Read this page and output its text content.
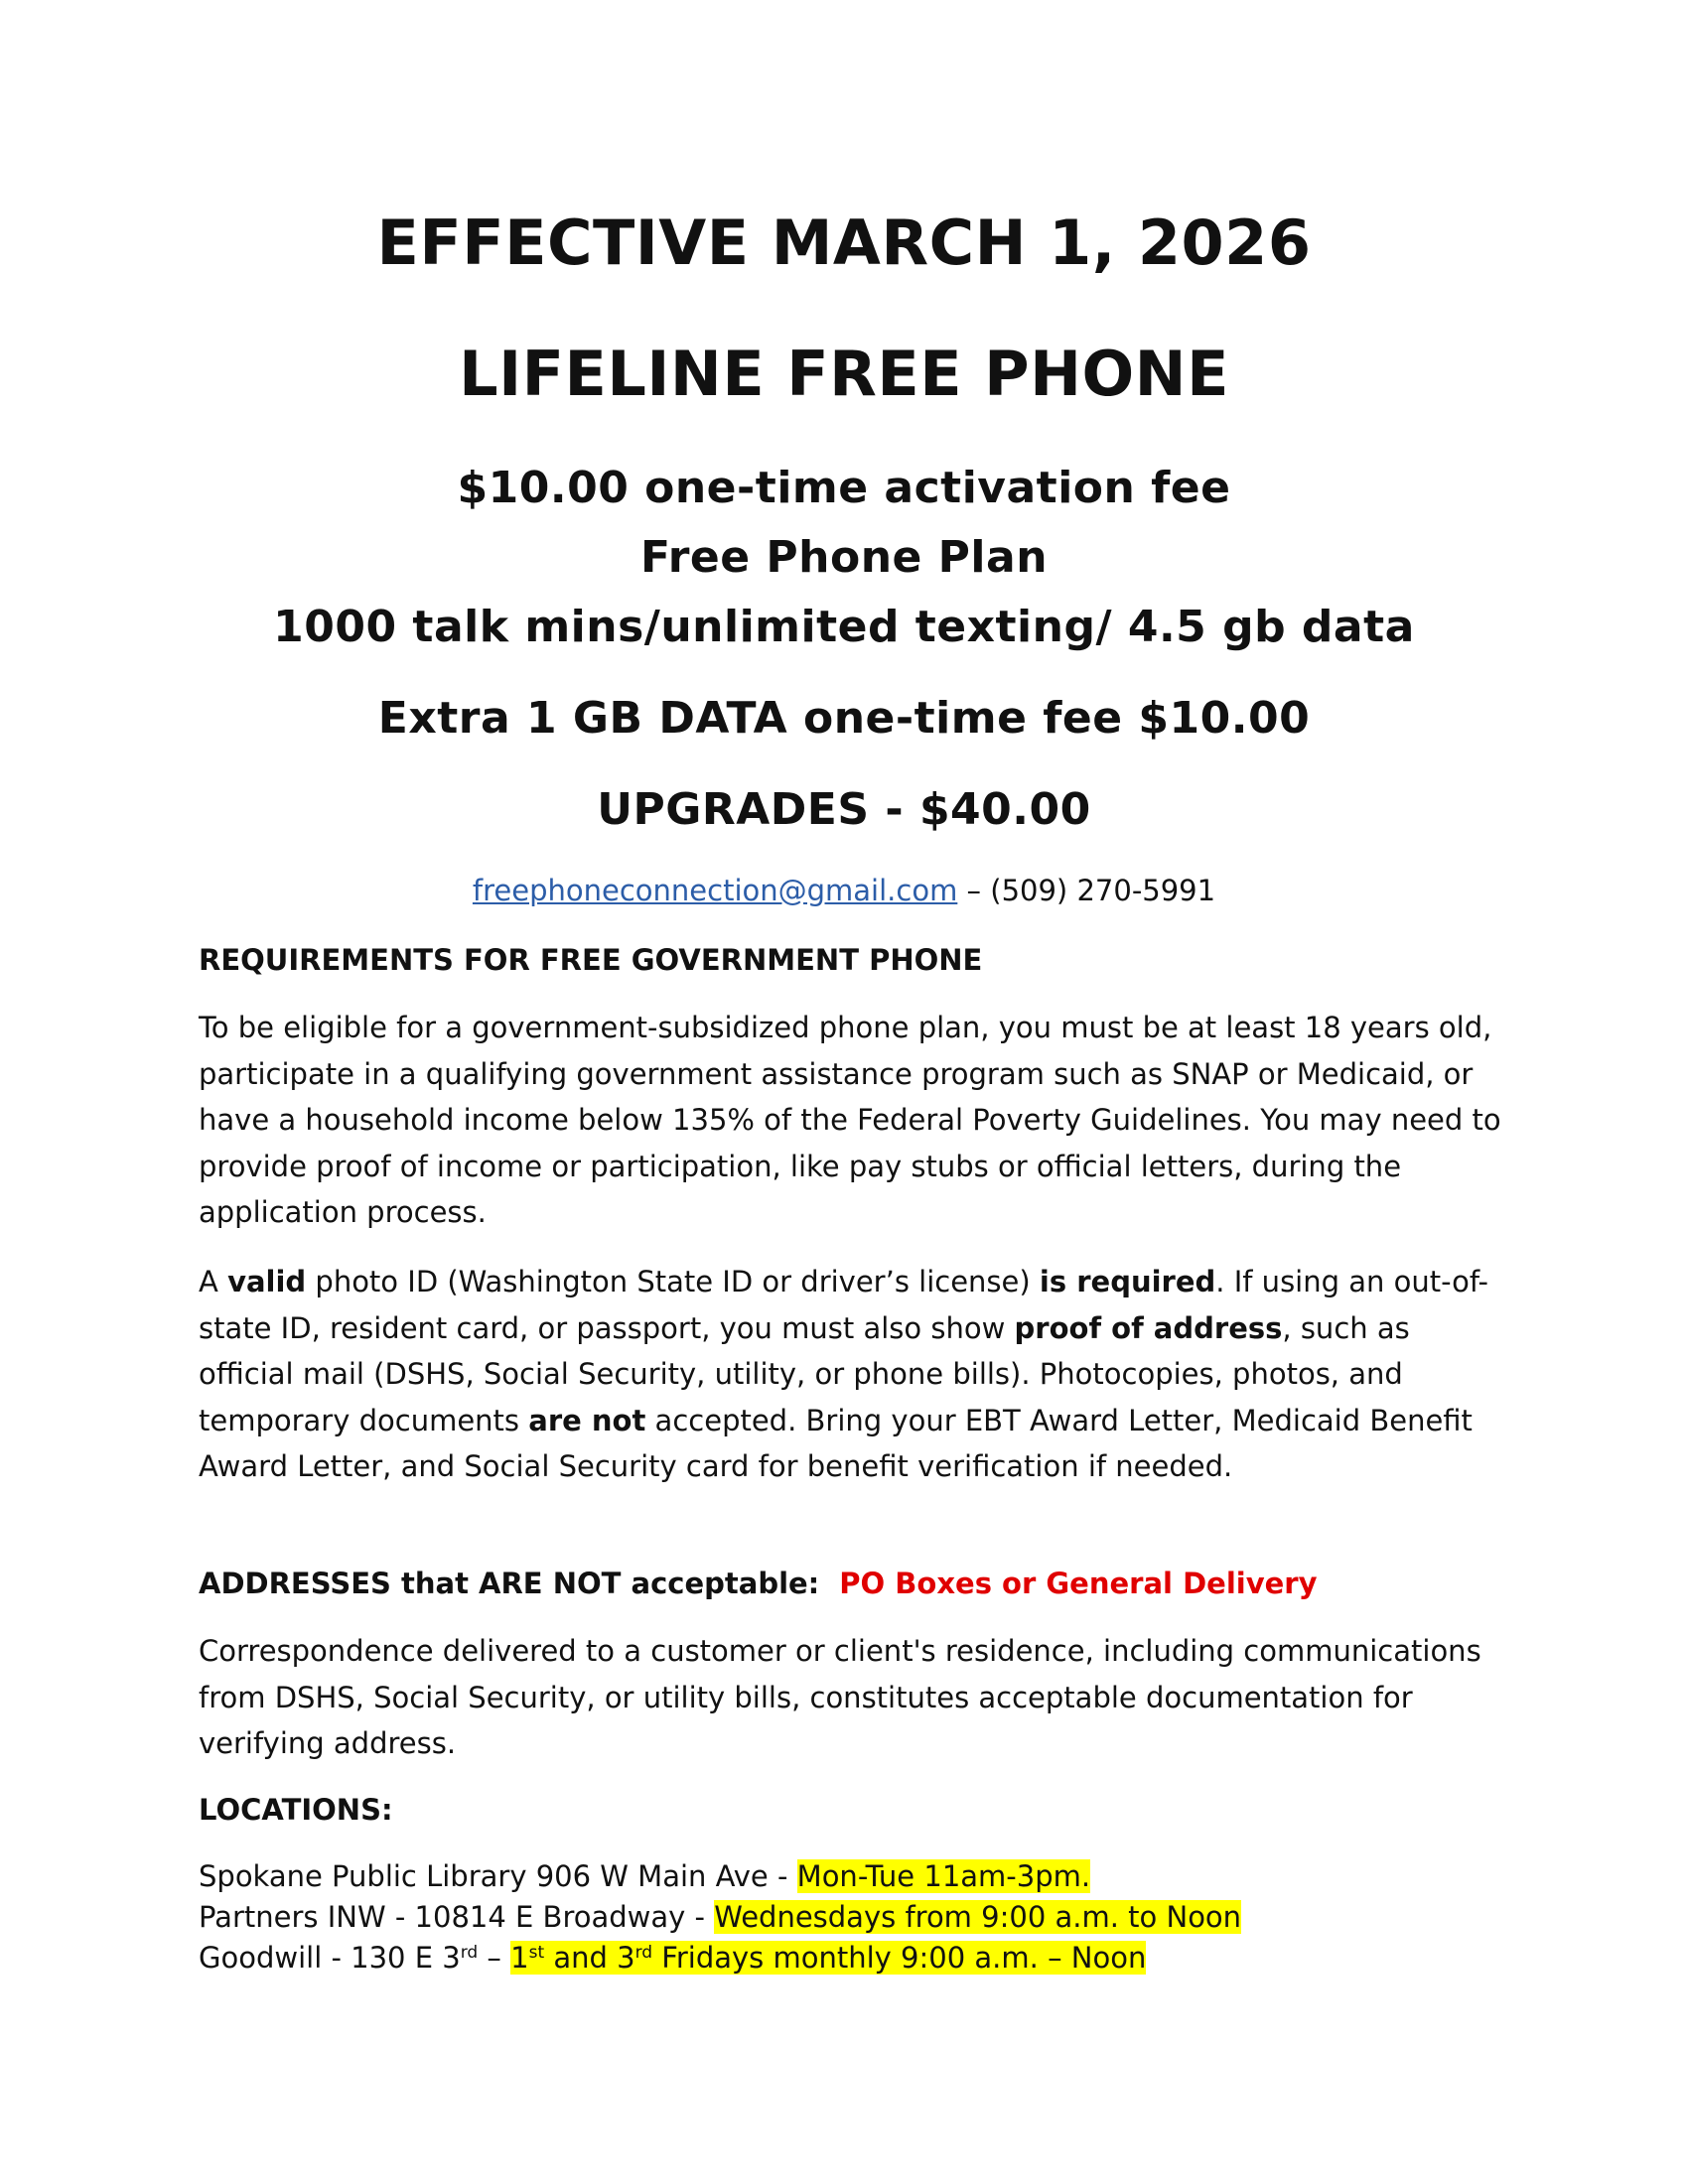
EFFECTIVE MARCH 1, 2026
LIFELINE FREE PHONE
$10.00 one-time activation fee
Free Phone Plan
1000 talk mins/unlimited texting/ 4.5 gb data
Extra 1 GB DATA one-time fee $10.00
UPGRADES - $40.00
freephoneconnection@gmail.com – (509) 270-5991
REQUIREMENTS FOR FREE GOVERNMENT PHONE
To be eligible for a government-subsidized phone plan, you must be at least 18 years old, participate in a qualifying government assistance program such as SNAP or Medicaid, or have a household income below 135% of the Federal Poverty Guidelines. You may need to provide proof of income or participation, like pay stubs or official letters, during the application process.
A valid photo ID (Washington State ID or driver’s license) is required. If using an out-of-state ID, resident card, or passport, you must also show proof of address, such as official mail (DSHS, Social Security, utility, or phone bills). Photocopies, photos, and temporary documents are not accepted. Bring your EBT Award Letter, Medicaid Benefit Award Letter, and Social Security card for benefit verification if needed.
ADDRESSES that ARE NOT acceptable: PO Boxes or General Delivery
Correspondence delivered to a customer or client's residence, including communications from DSHS, Social Security, or utility bills, constitutes acceptable documentation for verifying address.
LOCATIONS:
Spokane Public Library 906 W Main Ave - Mon-Tue 11am-3pm.
Partners INW - 10814 E Broadway - Wednesdays from 9:00 a.m. to Noon
Goodwill - 130 E 3rd – 1st and 3rd Fridays monthly 9:00 a.m. – Noon
